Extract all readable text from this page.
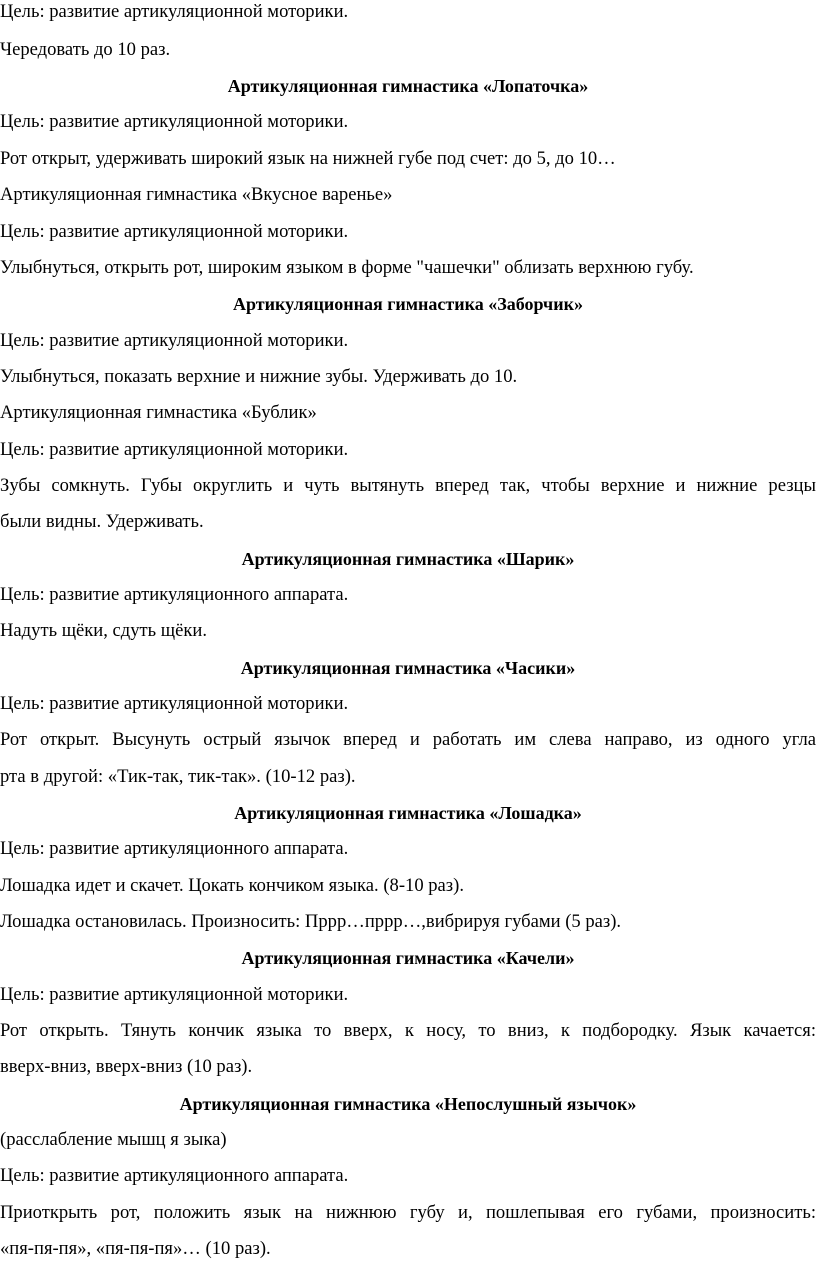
Цель: развитие артикуляционной моторики.
Чередовать до 10 раз.
Артикуляционная гимнастика «Лопаточка»
Цель: развитие артикуляционной моторики.
Рот открыт, удерживать широкий язык на нижней губе под счет: до 5, до 10…
Артикуляционная гимнастика «Вкусное варенье»
Цель: развитие артикуляционной моторики.
Улыбнуться, открыть рот, широким языком в форме "чашечки" облизать верхнюю губу.
Артикуляционная гимнастика «Заборчик»
Цель: развитие артикуляционной моторики.
Улыбнуться, показать верхние и нижние зубы. Удерживать до 10.
Артикуляционная гимнастика «Бублик»
Цель: развитие артикуляционной моторики.
Зубы сомкнуть. Губы округлить и чуть вытянуть вперед так, чтобы верхние и нижние резцы
были видны. Удерживать.
Артикуляционная гимнастика «Шарик»
Цель: развитие артикуляционного аппарата.
Надуть щёки, сдуть щёки.
Артикуляционная гимнастика «Часики»
Цель: развитие артикуляционной моторики.
Рот открыт. Высунуть острый язычок вперед и работать им слева направо, из одного угла
рта в другой: «Тик-так, тик-так». (10-12 раз).
Артикуляционная гимнастика «Лошадка»
Цель: развитие артикуляционного аппарата.
Лошадка идет и скачет. Цокать кончиком языка. (8-10 раз).
Лошадка остановилась. Произносить: Пррр…пррр…,вибрируя губами (5 раз).
Артикуляционная гимнастика «Качели»
Цель: развитие артикуляционной моторики.
Рот открыть. Тянуть кончик языка то вверх, к носу, то вниз, к подбородку. Язык качается:
вверх-вниз, вверх-вниз (10 раз).
Артикуляционная гимнастика «Непослушный язычок»
(расслабление мышц я зыка)
Цель: развитие артикуляционного аппарата.
Приоткрыть рот, положить язык на нижнюю губу и, пошлепывая его губами, произносить:
«пя-пя-пя», «пя-пя-пя»… (10 раз).
